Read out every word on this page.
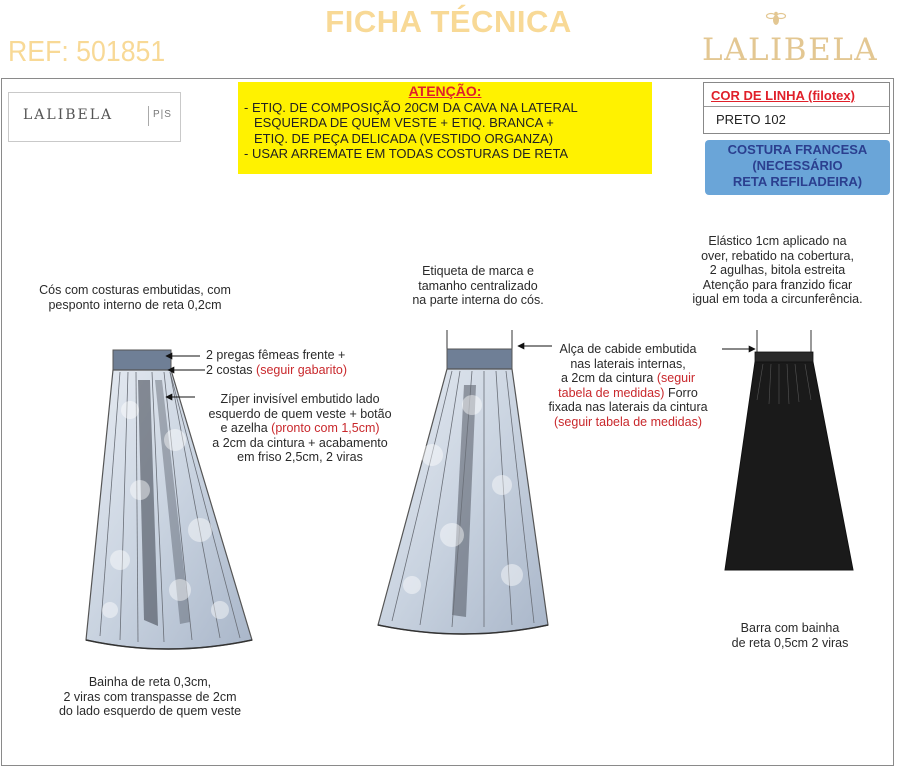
FICHA TÉCNICA
REF: 501851	LALIBELA
LALIBELA	P|S
ATENÇÃO:
- ETIQ. DE COMPOSIÇÃO 20CM DA CAVA NA LATERAL
ESQUERDA DE QUEM VESTE + ETIQ. BRANCA +
ETIQ. DE PEÇA DELICADA (VESTIDO ORGANZA)
- USAR ARREMATE EM TODAS COSTURAS DE RETA
COR DE LINHA (filotex)
PRETO 102
COSTURA FRANCESA
(NECESSÁRIO
RETA REFILADEIRA)
Cós com costuras embutidas, com
pesponto interno de reta 0,2cm
2 pregas fêmeas frente +
2 costas (seguir gabarito)
Zíper invisível embutido lado
esquerdo de quem veste + botão
e azelha (pronto com 1,5cm)
a 2cm da cintura + acabamento
em friso 2,5cm, 2 viras
Bainha de reta 0,3cm,
2 viras com transpasse de 2cm
do lado esquerdo de quem veste
Etiqueta de marca e
tamanho centralizado
na parte interna do cós.
Alça de cabide embutida
nas laterais internas,
a 2cm da cintura (seguir
tabela de medidas) Forro
fixada nas laterais da cintura
(seguir tabela de medidas)
Elástico 1cm aplicado na
over, rebatido na cobertura,
2 agulhas, bitola estreita
Atenção para franzido ficar
igual em toda a circunferência.
Barra com bainha
de reta 0,5cm 2 viras
